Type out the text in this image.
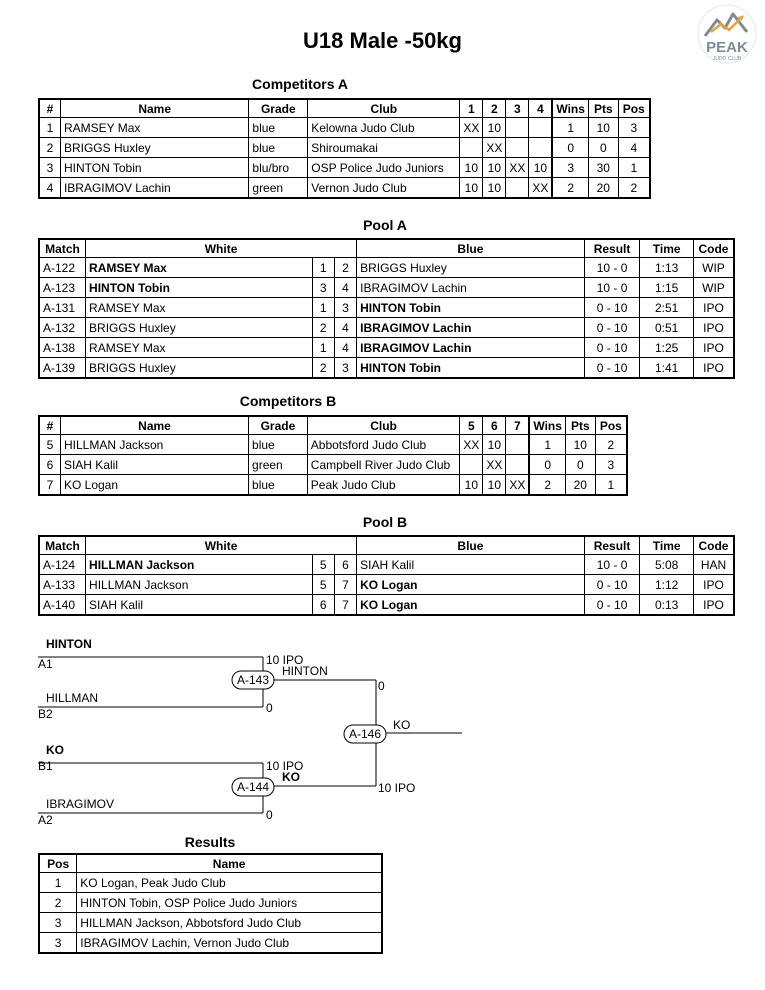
U18 Male -50kg	PEAK
JUDO CLUB
Competitors A
#	Name	Grade	Club	1	2	3	4	Wins	Pts	Pos
1	RAMSEY Max	blue	Kelowna Judo Club	XX	10			1	10	3
2	BRIGGS Huxley	blue	Shiroumakai		XX			0	0	4
3	HINTON Tobin	blu/bro	OSP Police Judo Juniors	10	10	XX	10	3	30	1
4	IBRAGIMOV Lachin	green	Vernon Judo Club	10	10		XX	2	20	2
Pool A
Match	White			Blue	Result	Time	Code
A-122	RAMSEY Max	1	2	BRIGGS Huxley	10 - 0	1:13	WIP
A-123	HINTON Tobin	3	4	IBRAGIMOV Lachin	10 - 0	1:15	WIP
A-131	RAMSEY Max	1	3	HINTON Tobin	0 - 10	2:51	IPO
A-132	BRIGGS Huxley	2	4	IBRAGIMOV Lachin	0 - 10	0:51	IPO
A-138	RAMSEY Max	1	4	IBRAGIMOV Lachin	0 - 10	1:25	IPO
A-139	BRIGGS Huxley	2	3	HINTON Tobin	0 - 10	1:41	IPO
Competitors B
#	Name	Grade	Club	5	6	7	Wins	Pts	Pos
5	HILLMAN Jackson	blue	Abbotsford Judo Club	XX	10		1	10	2
6	SIAH Kalil	green	Campbell River Judo Club		XX		0	0	3
7	KO Logan	blue	Peak Judo Club	10	10	XX	2	20	1
Pool B
Match	White			Blue	Result	Time	Code
A-124	HILLMAN Jackson	5	6	SIAH Kalil	10 - 0	5:08	HAN
A-133	HILLMAN Jackson	5	7	KO Logan	0 - 10	1:12	IPO
A-140	SIAH Kalil	6	7	KO Logan	0 - 10	0:13	IPO
HINTON
A1	10 IPO
HILLMAN
B2	0
HINTON
A-143
KO
B1	10 IPO
IBRAGIMOV
A2	0
KO
A-144
0
10 IPO
KO
A-146
Results
Pos	Name
1	KO Logan, Peak Judo Club
2	HINTON Tobin, OSP Police Judo Juniors
3	HILLMAN Jackson, Abbotsford Judo Club
3	IBRAGIMOV Lachin, Vernon Judo Club
